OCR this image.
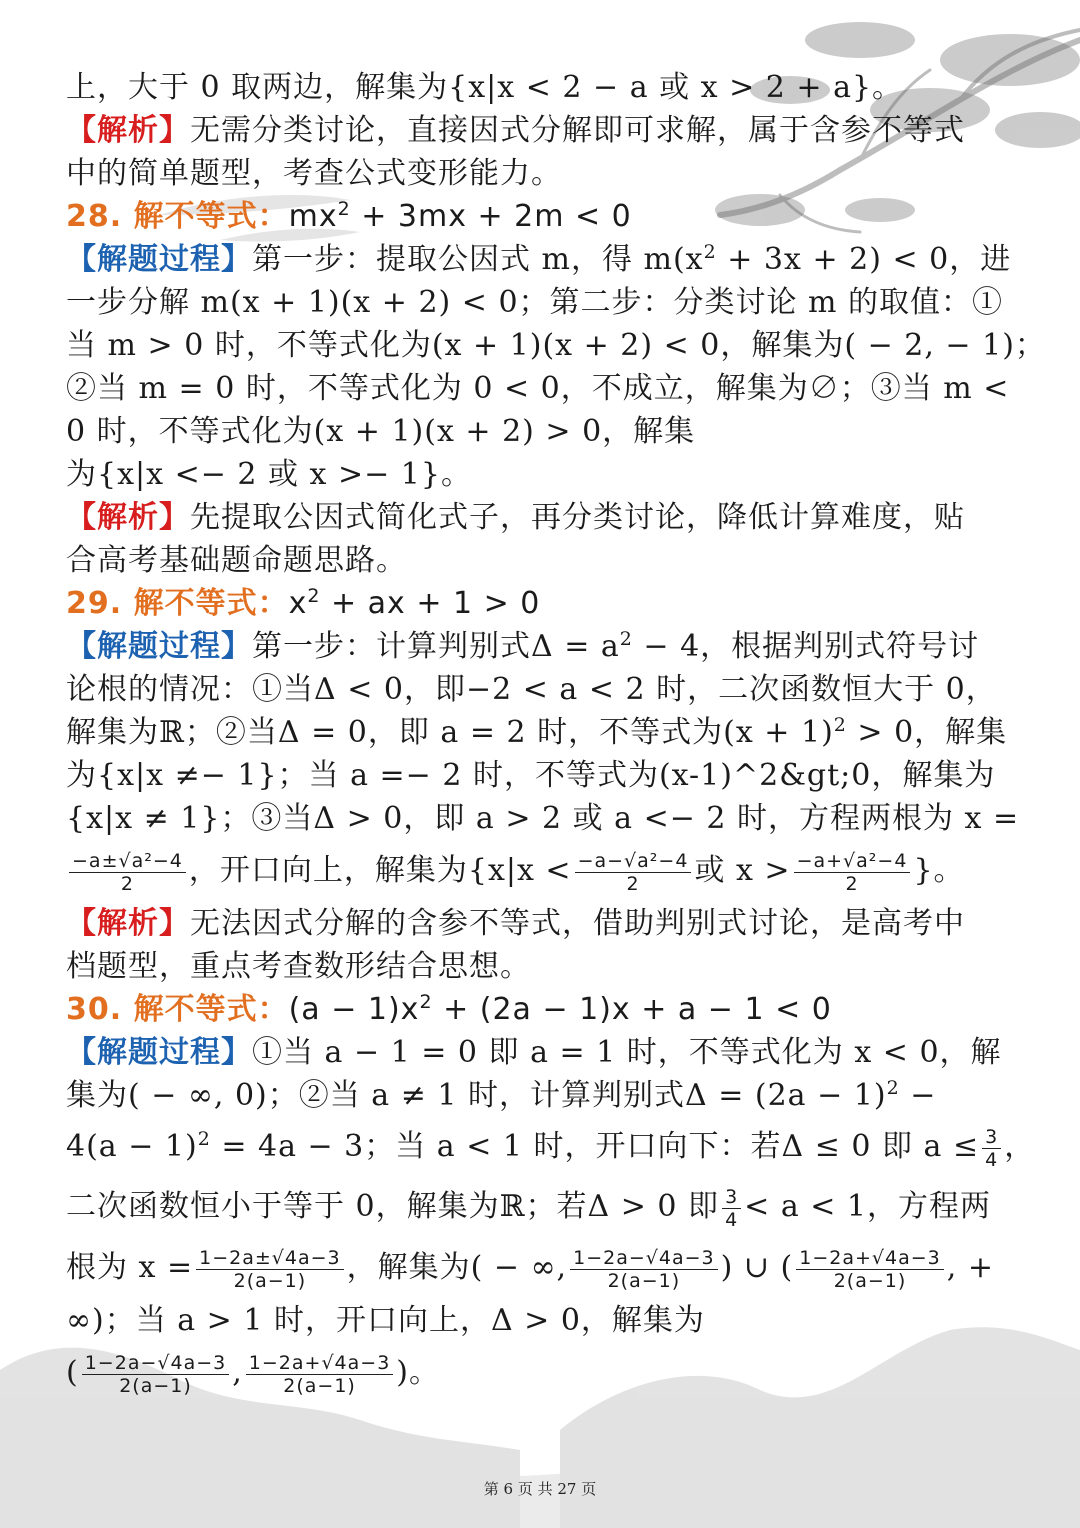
上，大于 0 取两边，解集为{x|x < 2 − a 或 x > 2 + a}。
【解析】无需分类讨论，直接因式分解即可求解，属于含参不等式
中的简单题型，考查公式变形能力。
28. 解不等式：$mx^2 + 3mx + 2m < 0$
【解题过程】第一步：提取公因式 m，得 $m(x^2 + 3x + 2) < 0$，进
一步分解 m(x + 1)(x + 2) < 0；第二步：分类讨论 m 的取值：①
当 m > 0 时，不等式化为(x + 1)(x + 2) < 0，解集为( − 2, − 1)；
②当 m = 0 时，不等式化为 0 < 0，不成立，解集为∅；③当 m <
0 时，不等式化为(x + 1)(x + 2) > 0，解集
为{x|x <− 2 或 x >− 1}。
【解析】先提取公因式简化式子，再分类讨论，降低计算难度，贴
合高考基础题命题思路。
29. 解不等式：$x^2$ + ax + 1 > 0
【解题过程】第一步：计算判别式$\Delta = a^2 - 4$，根据判别式符号讨
论根的情况：①当Δ < 0，即−2 < a < 2 时，二次函数恒大于 0，
解集为ℝ；②当Δ = 0，即 a = 2 时，不等式为$(x + 1)^2 > 0$，解集
为{x|x ≠− 1}；当 a =− 2 时，不等式为(x-1)^2&gt;0，解集为
{x|x ≠ 1}；③当Δ > 0，即 a > 2 或 a <− 2 时，方程两根为 x =
$\frac{\text{−a±√a²−4}}{2}$ ，开口向上，解集为{$x|x < \frac{\text{−a−√a²−4}}{2}$ 或 $x > \frac{\text{−a+√a²−4}}{2}$ }。
【解析】无法因式分解的含参不等式，借助判别式讨论，是高考中
档题型，重点考查数形结合思想。
30. 解不等式：$(a - 1)x^2 + (2a - 1)x + a - 1 < 0$
【解题过程】①当 a − 1 = 0 即 a = 1 时，不等式化为 x < 0，解
集为( − ∞, 0)；②当 a ≠ 1 时，计算判别式$\Delta = (2a - 1)^2$ −
$4(a - 1)^2 = 4a - 3$；当 a < 1 时，开口向下：若Δ ≤ 0 即 $a \le \frac{3}{4}$ ，
二次函数恒小于等于 0，解集为ℝ；若Δ > 0 即 $\frac{3}{4} < a < 1$，方程两
根为 $x = \frac{1-2a\pm√4a-3}{2(a-1)}$ ，解集为( − ∞, $\frac{1-2a-√4a-3}{2(a-1)}$ ) ∪ ( $\frac{1-2a+√4a-3}{2(a-1)}$ , +
∞)；当 a > 1 时，开口向上，Δ > 0，解集为
( $\frac{1-2a-√4a-3}{2(a-1)}$ , $\frac{1-2a+√4a-3}{2(a-1)}$ )。
第 6 页 共 27 页
